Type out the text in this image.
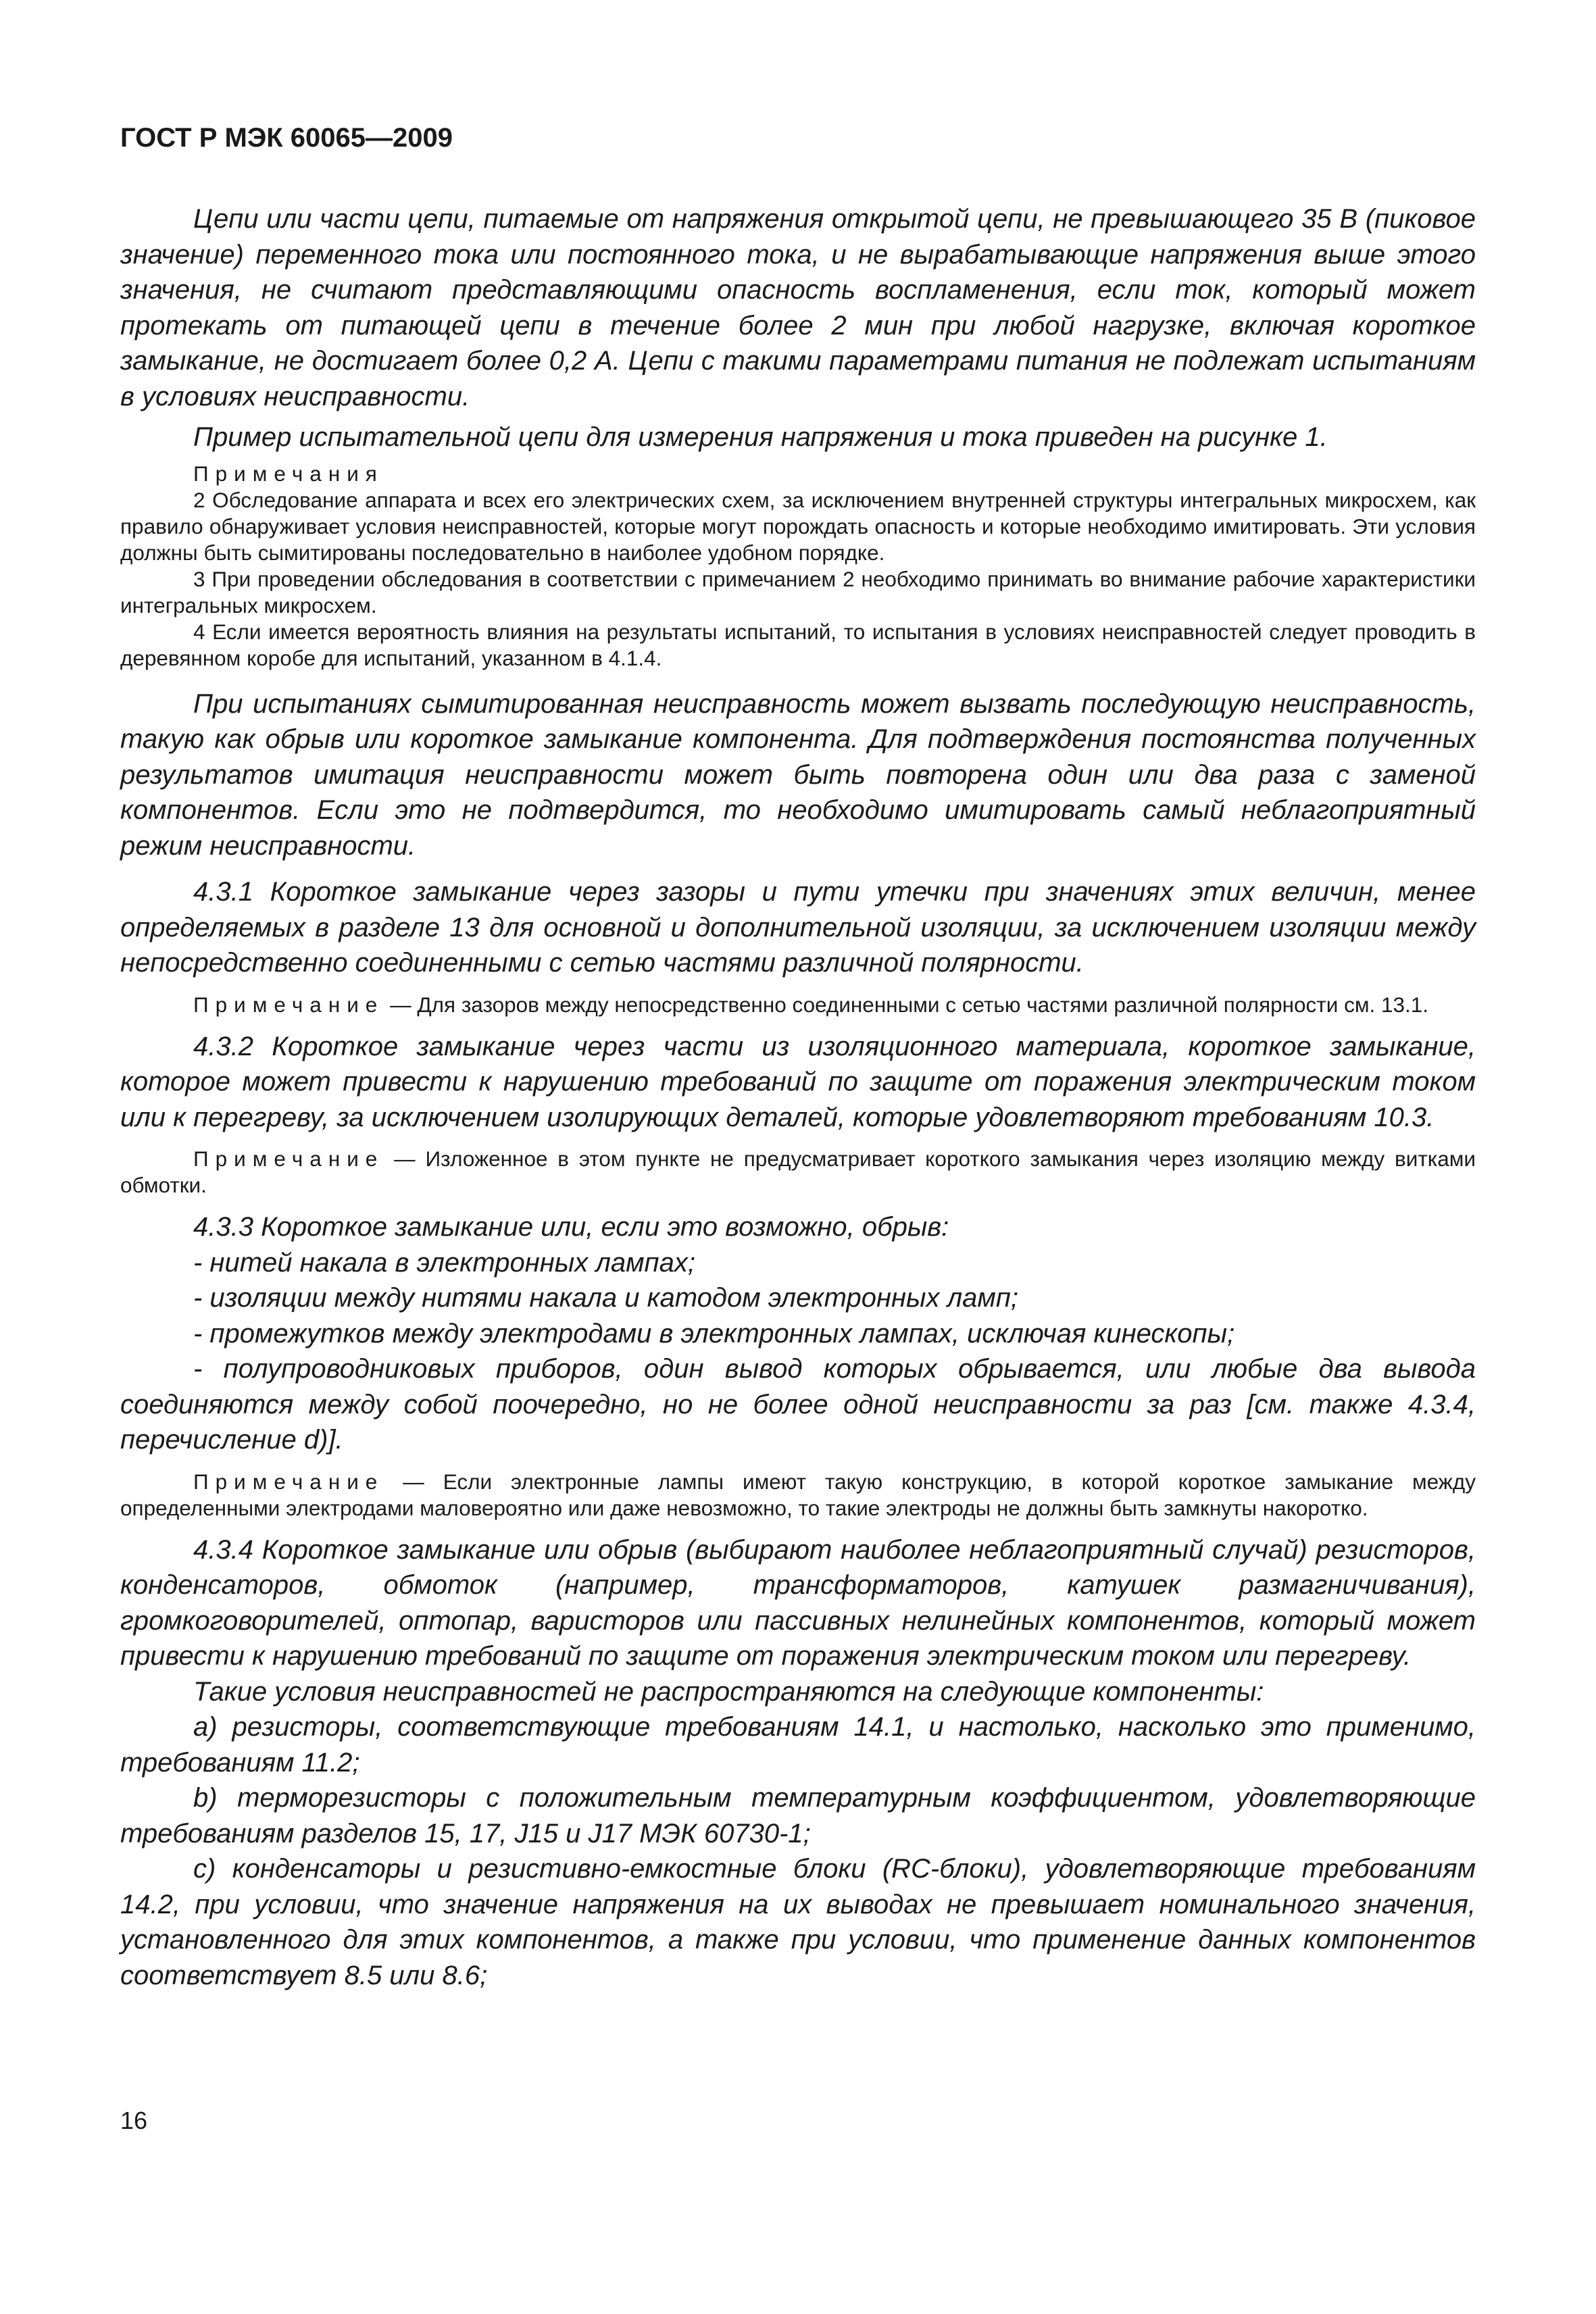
ГОСТ Р МЭК 60065—2009

Цепи или части цепи, питаемые от напряжения открытой цепи, не превышающего 35 В (пиковое значение) переменного тока или постоянного тока, и не вырабатывающие напряжения выше этого значения, не считают представляющими опасность воспламенения, если ток, который может протекать от питающей цепи в течение более 2 мин при любой нагрузке, включая короткое замыкание, не достигает более 0,2 А. Цепи с такими параметрами питания не подлежат испытаниям в условиях неисправности.

Пример испытательной цепи для измерения напряжения и тока приведен на рисунке 1.

Примечания

2 Обследование аппарата и всех его электрических схем, за исключением внутренней структуры интегральных микросхем, как правило обнаруживает условия неисправностей, которые могут порождать опасность и которые необходимо имитировать. Эти условия должны быть сымитированы последовательно в наиболее удобном порядке.

3 При проведении обследования в соответствии с примечанием 2 необходимо принимать во внимание рабочие характеристики интегральных микросхем.

4 Если имеется вероятность влияния на результаты испытаний, то испытания в условиях неисправностей следует проводить в деревянном коробе для испытаний, указанном в 4.1.4.

При испытаниях сымитированная неисправность может вызвать последующую неисправность, такую как обрыв или короткое замыкание компонента. Для подтверждения постоянства полученных результатов имитация неисправности может быть повторена один или два раза с заменой компонентов. Если это не подтвердится, то необходимо имитировать самый неблагоприятный режим неисправности.

4.3.1 Короткое замыкание через зазоры и пути утечки при значениях этих величин, менее определяемых в разделе 13 для основной и дополнительной изоляции, за исключением изоляции между непосредственно соединенными с сетью частями различной полярности.

Примечание — Для зазоров между непосредственно соединенными с сетью частями различной полярности см. 13.1.

4.3.2 Короткое замыкание через части из изоляционного материала, короткое замыкание, которое может привести к нарушению требований по защите от поражения электрическим током или к перегреву, за исключением изолирующих деталей, которые удовлетворяют требованиям 10.3.

Примечание — Изложенное в этом пункте не предусматривает короткого замыкания через изоляцию между витками обмотки.

4.3.3 Короткое замыкание или, если это возможно, обрыв:

- нитей накала в электронных лампах;

- изоляции между нитями накала и катодом электронных ламп;

- промежутков между электродами в электронных лампах, исключая кинескопы;

- полупроводниковых приборов, один вывод которых обрывается, или любые два вывода соединяются между собой поочередно, но не более одной неисправности за раз [см. также 4.3.4, перечисление d)].

Примечание — Если электронные лампы имеют такую конструкцию, в которой короткое замыкание между определенными электродами маловероятно или даже невозможно, то такие электроды не должны быть замкнуты накоротко.

4.3.4 Короткое замыкание или обрыв (выбирают наиболее неблагоприятный случай) резисторов, конденсаторов, обмоток (например, трансформаторов, катушек размагничивания), громкоговорителей, оптопар, варисторов или пассивных нелинейных компонентов, который может привести к нарушению требований по защите от поражения электрическим током или перегреву.

Такие условия неисправностей не распространяются на следующие компоненты:

a) резисторы, соответствующие требованиям 14.1, и настолько, насколько это применимо, требованиям 11.2;

b) терморезисторы с положительным температурным коэффициентом, удовлетворяющие требованиям разделов 15, 17, J15 и J17 МЭК 60730-1;

c) конденсаторы и резистивно-емкостные блоки (RC-блоки), удовлетворяющие требованиям 14.2, при условии, что значение напряжения на их выводах не превышает номинального значения, установленного для этих компонентов, а также при условии, что применение данных компонентов соответствует 8.5 или 8.6;

16
